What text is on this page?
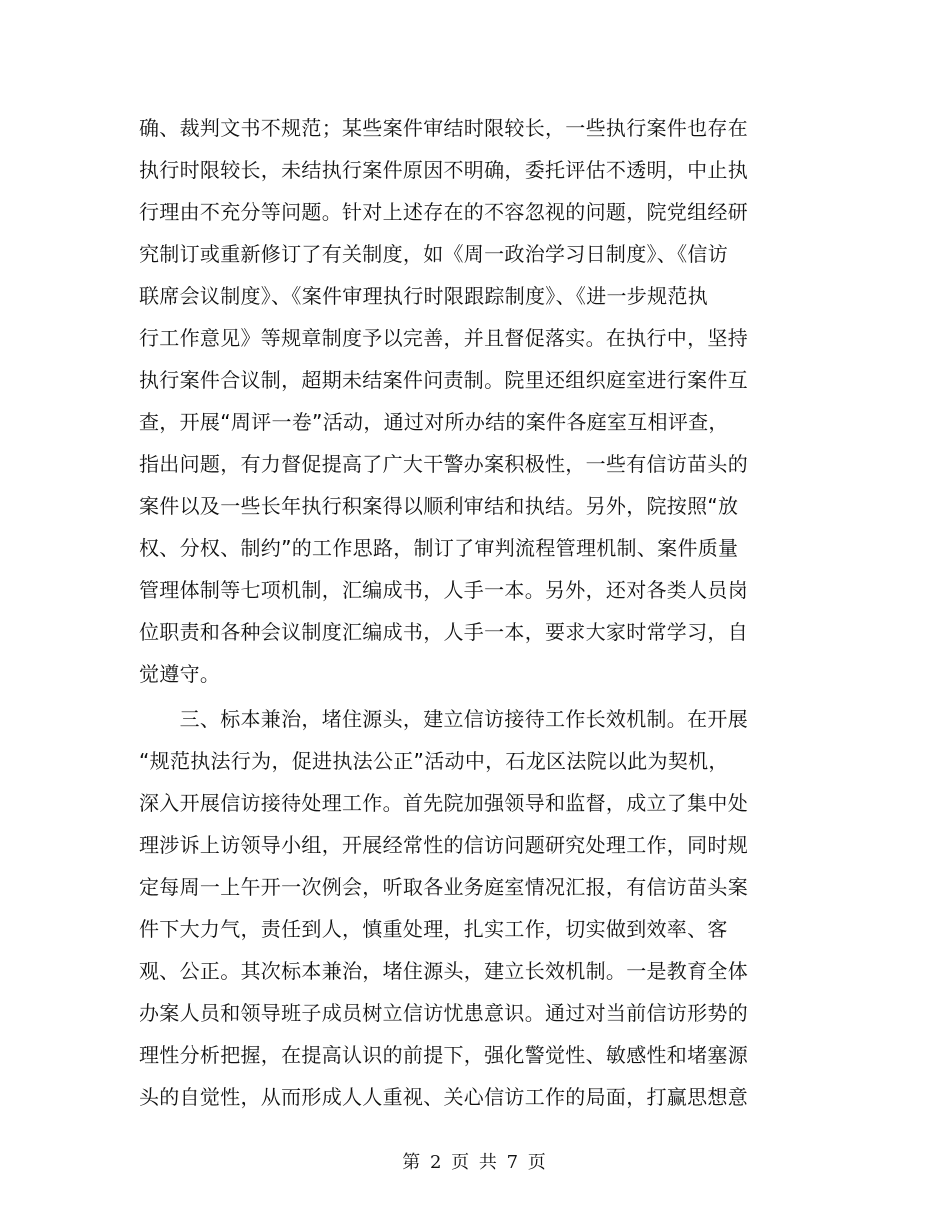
确、裁判文书不规范；某些案件审结时限较长，一些执行案件也存在
执行时限较长，未结执行案件原因不明确，委托评估不透明，中止执
行理由不充分等问题。针对上述存在的不容忽视的问题，院党组经研
究制订或重新修订了有关制度，如《周一政治学习日制度》、《信访
联席会议制度》、《案件审理执行时限跟踪制度》、《进一步规范执
行工作意见》等规章制度予以完善，并且督促落实。在执行中，坚持
执行案件合议制，超期未结案件问责制。院里还组织庭室进行案件互
查，开展“周评一卷”活动，通过对所办结的案件各庭室互相评查，
指出问题，有力督促提高了广大干警办案积极性，一些有信访苗头的
案件以及一些长年执行积案得以顺利审结和执结。另外，院按照“放
权、分权、制约”的工作思路，制订了审判流程管理机制、案件质量
管理体制等七项机制，汇编成书，人手一本。另外，还对各类人员岗
位职责和各种会议制度汇编成书，人手一本，要求大家时常学习，自
觉遵守。
　　三、标本兼治，堵住源头，建立信访接待工作长效机制。在开展
“规范执法行为，促进执法公正”活动中，石龙区法院以此为契机，
深入开展信访接待处理工作。首先院加强领导和监督，成立了集中处
理涉诉上访领导小组，开展经常性的信访问题研究处理工作，同时规
定每周一上午开一次例会，听取各业务庭室情况汇报，有信访苗头案
件下大力气，责任到人，慎重处理，扎实工作，切实做到效率、客
观、公正。其次标本兼治，堵住源头，建立长效机制。一是教育全体
办案人员和领导班子成员树立信访忧患意识。通过对当前信访形势的
理性分析把握，在提高认识的前提下，强化警觉性、敏感性和堵塞源
头的自觉性，从而形成人人重视、关心信访工作的局面，打赢思想意
第 2 页 共 7 页
